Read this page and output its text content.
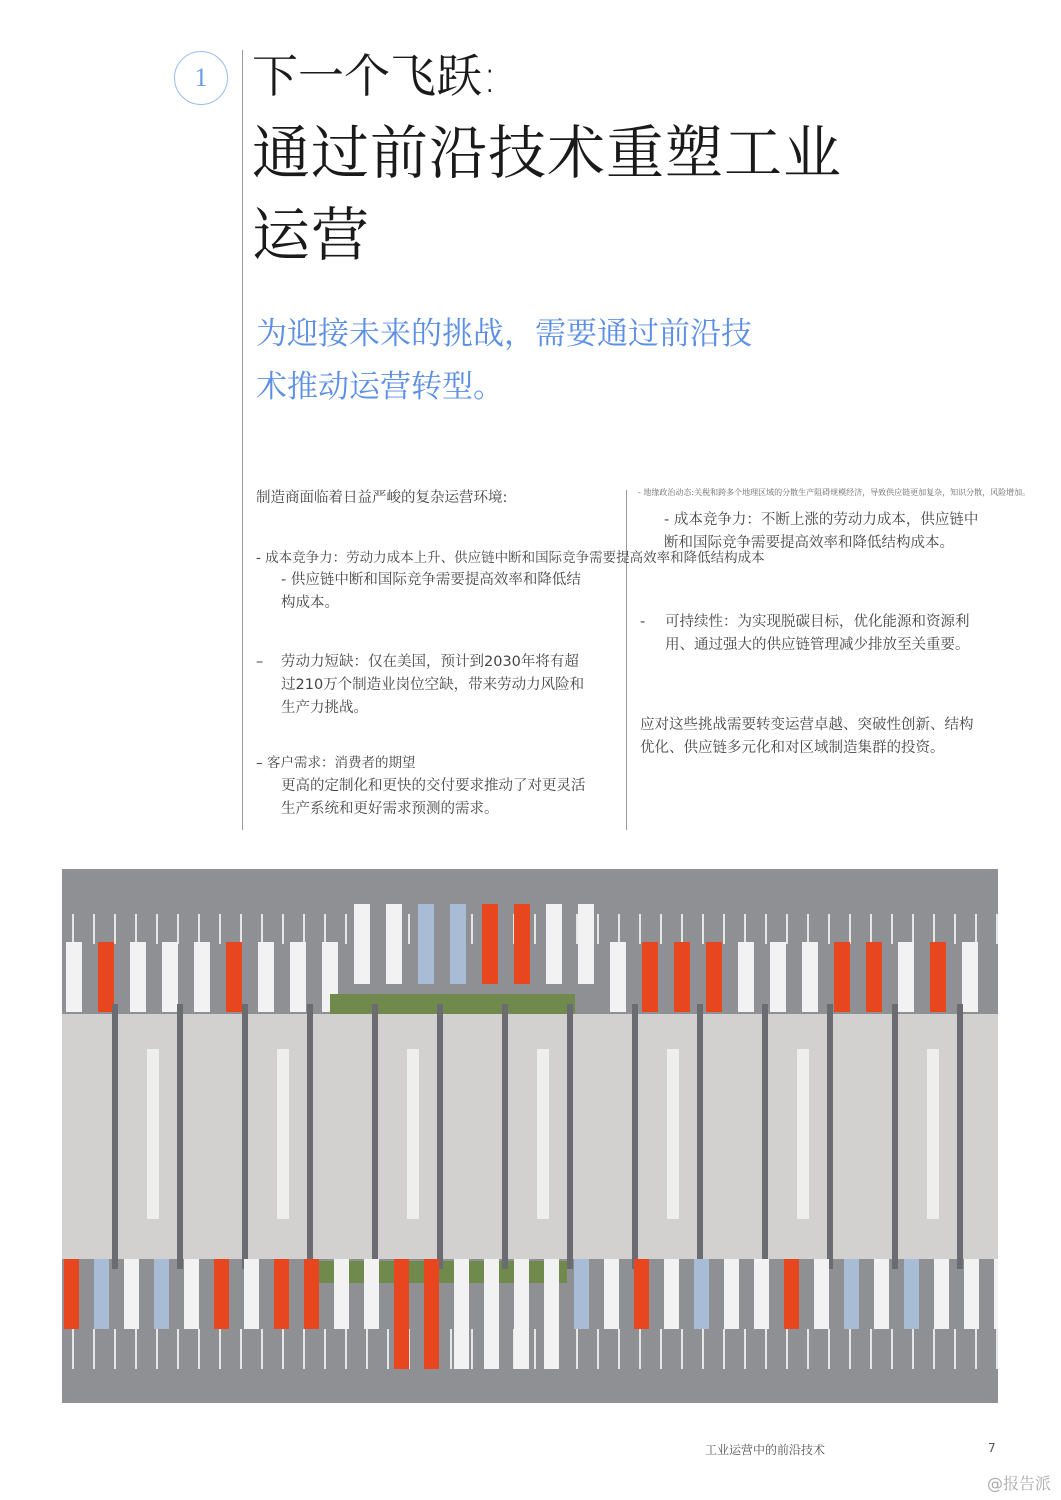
1 下一个飞跃:
通过前沿技术重塑工业运营
为迎接未来的挑战，需要通过前沿技术推动运营转型。
制造商面临着日益严峻的复杂运营环境:
- 成本竞争力：劳动力成本上升、供应链中断和国际竞争需要提高效率和降低结构成本
- 供应链中断和国际竞争需要提高效率和降低结构成本。
– 劳动力短缺：仅在美国，预计到2030年将有超过210万个制造业岗位空缺，带来劳动力风险和生产力挑战。
– 客户需求：消费者的期望
更高的定制化和更快的交付要求推动了对更灵活生产系统和更好需求预测的需求。
- 地缘政治动态:关税和跨多个地理区域的分散生产阻碍规模经济，导致供应链更加复杂，知识分散，风险增加。
- 成本竞争力：不断上涨的劳动力成本，供应链中断和国际竞争需要提高效率和降低结构成本。
- 可持续性：为实现脱碳目标，优化能源和资源利用、通过强大的供应链管理减少排放至关重要。
应对这些挑战需要转变运营卓越、突破性创新、结构优化、供应链多元化和对区域制造集群的投资。
工业运营中的前沿技术	7
@报告派
